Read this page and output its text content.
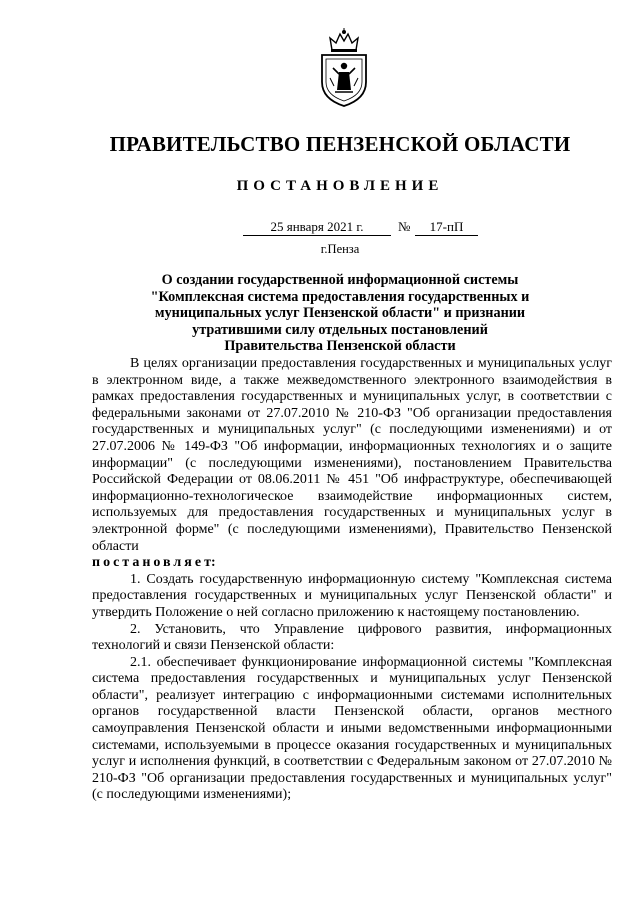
ПРАВИТЕЛЬСТВО ПЕНЗЕНСКОЙ ОБЛАСТИ
ПОСТАНОВЛЕНИЕ
25 января 2021 г.	№	17-пП
г.Пенза
О создании государственной информационной системы
"Комплексная система предоставления государственных и
муниципальных услуг Пензенской области" и признании
утратившими силу отдельных постановлений
Правительства Пензенской области

В целях организации предоставления государственных и муниципальных услуг в электронном виде, а также межведомственного электронного взаимодействия в рамках предоставления государственных и муниципальных услуг, в соответствии с федеральными законами от 27.07.2010 № 210-ФЗ "Об организации предоставления государственных и муниципальных услуг" (с последующими изменениями) и от 27.07.2006 № 149-ФЗ "Об информации, информационных технологиях и о защите информации" (с последующими изменениями), постановлением Правительства Российской Федерации от 08.06.2011 № 451 "Об инфраструктуре, обеспечивающей информационно-технологическое взаимодействие информационных систем, используемых для предоставления государственных и муниципальных услуг в электронной форме" (с последующими изменениями), Правительство Пензенской области

постановляет:

1. Создать государственную информационную систему "Комплексная система предоставления государственных и муниципальных услуг Пензенской области" и утвердить Положение о ней согласно приложению к настоящему постановлению.

2. Установить, что Управление цифрового развития, информационных технологий и связи Пензенской области:

2.1. обеспечивает функционирование информационной системы "Комплексная система предоставления государственных и муниципальных услуг Пензенской области", реализует интеграцию с информационными системами исполнительных органов государственной власти Пензенской области, органов местного самоуправления Пензенской области и иными ведомственными информационными системами, используемыми в процессе оказания государственных и муниципальных услуг и исполнения функций, в соответствии с Федеральным законом от 27.07.2010 № 210-ФЗ "Об организации предоставления государственных и муниципальных услуг" (с последующими изменениями);
